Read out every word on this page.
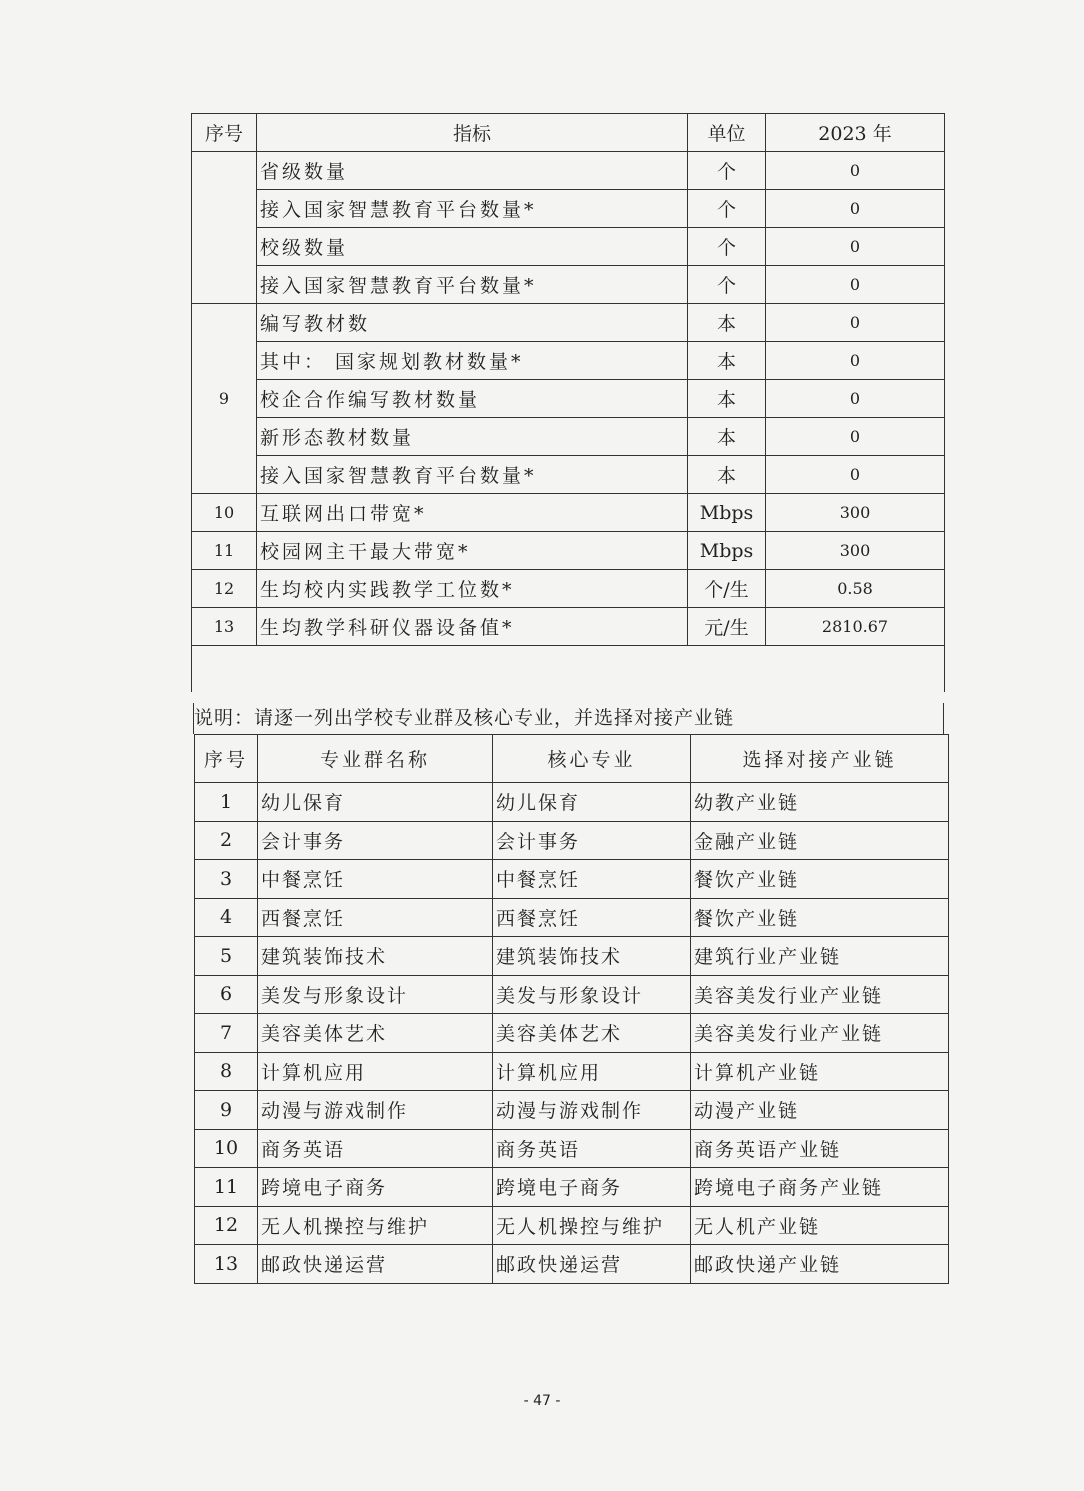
序号	指标	单位	2023 年
	省级数量	个	0
	接入国家智慧教育平台数量*	个	0
	校级数量	个	0
	接入国家智慧教育平台数量*	个	0
9	编写教材数	本	0
	其中： 国家规划教材数量*	本	0
	校企合作编写教材数量	本	0
	新形态教材数量	本	0
	接入国家智慧教育平台数量*	本	0
10	互联网出口带宽*	Mbps	300
11	校园网主干最大带宽*	Mbps	300
12	生均校内实践教学工位数*	个/生	0.58
13	生均教学科研仪器设备值*	元/生	2810.67

说明：请逐一列出学校专业群及核心专业，并选择对接产业链
序号	专业群名称	核心专业	选择对接产业链
1	幼儿保育	幼儿保育	幼教产业链
2	会计事务	会计事务	金融产业链
3	中餐烹饪	中餐烹饪	餐饮产业链
4	西餐烹饪	西餐烹饪	餐饮产业链
5	建筑装饰技术	建筑装饰技术	建筑行业产业链
6	美发与形象设计	美发与形象设计	美容美发行业产业链
7	美容美体艺术	美容美体艺术	美容美发行业产业链
8	计算机应用	计算机应用	计算机产业链
9	动漫与游戏制作	动漫与游戏制作	动漫产业链
10	商务英语	商务英语	商务英语产业链
11	跨境电子商务	跨境电子商务	跨境电子商务产业链
12	无人机操控与维护	无人机操控与维护	无人机产业链
13	邮政快递运营	邮政快递运营	邮政快递产业链
- 47 -
